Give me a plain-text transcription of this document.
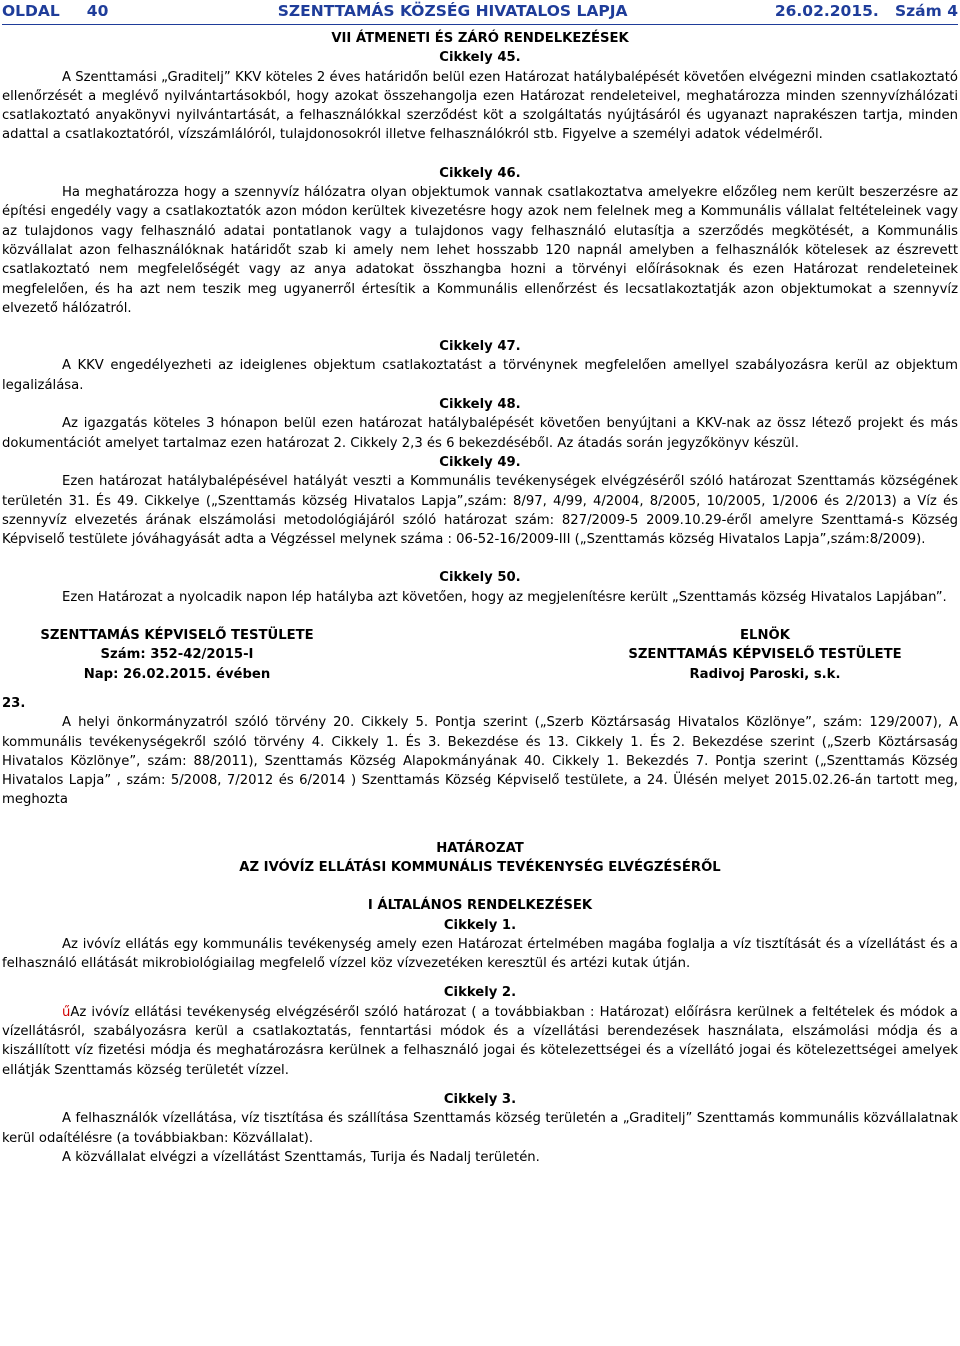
OLDAL 40	SZENTTAMÁS KÖZSÉG HIVATALOS LAPJA	26.02.2015. Szám 4
VII ÁTMENETI ÉS ZÁRÓ RENDELKEZÉSEK
Cikkely 45.

A Szenttamási „Graditelj” KKV köteles 2 éves határidőn belül ezen Határozat hatálybalépését követően elvégezni minden csatlakoztató ellenőrzését a meglévő nyilvántartásokból, hogy azokat összehangolja ezen Határozat rendeleteivel, meghatározza minden szennyvízhálózati csatlakoztató anyakönyvi nyilvántartását, a felhasználókkal szerződést köt a szolgáltatás nyújtásáról és ugyanazt naprakészen tartja, minden adattal a csatlakoztatóról, vízszámlálóról, tulajdonosokról illetve felhasználókról stb. Figyelve a személyi adatok védelméről.

Cikkely 46.

Ha meghatározza hogy a szennyvíz hálózatra olyan objektumok vannak csatlakoztatva amelyekre előzőleg nem került beszerzésre az építési engedély vagy a csatlakoztatók azon módon kerültek kivezetésre hogy azok nem felelnek meg a Kommunális vállalat feltételeinek vagy az tulajdonos vagy felhasználó adatai pontatlanok vagy a tulajdonos vagy felhasználó elutasítja a szerződés megkötését, a Kommunális közvállalat azon felhasználóknak határidőt szab ki amely nem lehet hosszabb 120 napnál amelyben a felhasználók kötelesek az észrevett csatlakoztató nem megfelelőségét vagy az anya adatokat összhangba hozni a törvényi előírásoknak és ezen Határozat rendeleteinek megfelelően, és ha azt nem teszik meg ugyanerről értesítik a Kommunális ellenőrzést és lecsatlakoztatják azon objektumokat a szennyvíz elvezető hálózatról.

Cikkely 47.

A KKV engedélyezheti az ideiglenes objektum csatlakoztatást a törvénynek megfelelően amellyel szabályozásra kerül az objektum legalizálása.

Cikkely 48.

Az igazgatás köteles 3 hónapon belül ezen határozat hatálybalépését követően benyújtani a KKV-nak az össz létező projekt és más dokumentációt amelyet tartalmaz ezen határozat 2. Cikkely 2,3 és 6 bekezdéséből. Az átadás során jegyzőkönyv készül.

Cikkely 49.

Ezen határozat hatálybalépésével hatályát veszti a Kommunális tevékenységek elvégzéséről szóló határozat Szenttamás községének területén 31. És 49. Cikkelye („Szenttamás község Hivatalos Lapja”,szám: 8/97, 4/99, 4/2004, 8/2005, 10/2005, 1/2006 és 2/2013) a Víz és szennyvíz elvezetés árának elszámolási metodológiájáról szóló határozat szám: 827/2009-5 2009.10.29-éről amelyre Szenttamá-s Község Képviselő testülete jóváhagyását adta a Végzéssel melynek száma : 06-52-16/2009-III („Szenttamás község Hivatalos Lapja”,szám:8/2009).

Cikkely 50.

Ezen Határozat a nyolcadik napon lép hatályba azt követően, hogy az megjelenítésre került „Szenttamás község Hivatalos Lapjában”.

SZENTTAMÁS KÉPVISELŐ TESTÜLETE
Szám: 352-42/2015-I
Nap: 26.02.2015. évében
ELNÖK
SZENTTAMÁS KÉPVISELŐ TESTÜLETE
Radivoj Paroski, s.k.
23.

A helyi önkormányzatról szóló törvény 20. Cikkely 5. Pontja szerint („Szerb Köztársaság Hivatalos Közlönye”, szám: 129/2007), A kommunális tevékenységekről szóló törvény 4. Cikkely 1. És 3. Bekezdése és 13. Cikkely 1. És 2. Bekezdése szerint („Szerb Köztársaság Hivatalos Közlönye”, szám: 88/2011), Szenttamás Község Alapokmányának 40. Cikkely 1. Bekezdés 7. Pontja szerint („Szenttamás Község Hivatalos Lapja” , szám: 5/2008, 7/2012 és 6/2014 ) Szenttamás Község Képviselő testülete, a 24. Ülésén melyet 2015.02.26-án tartott meg, meghozta

HATÁROZAT
AZ IVÓVÍZ ELLÁTÁSI KOMMUNÁLIS TEVÉKENYSÉG ELVÉGZÉSÉRŐL
I ÁLTALÁNOS RENDELKEZÉSEK
Cikkely 1.

Az ivóvíz ellátás egy kommunális tevékenység amely ezen Határozat értelmében magába foglalja a víz tisztítását és a vízellátást és a felhasználó ellátását mikrobiológiailag megfelelő vízzel köz vízvezetéken keresztül és artézi kutak útján.

Cikkely 2.

űAz ivóvíz ellátási tevékenység elvégzéséről szóló határozat ( a továbbiakban : Határozat) előírásra kerülnek a feltételek és módok a vízellátásról, szabályozásra kerül a csatlakoztatás, fenntartási módok és a vízellátási berendezések használata, elszámolási módja és a kiszállított víz fizetési módja és meghatározásra kerülnek a felhasználó jogai és kötelezettségei és a vízellátó jogai és kötelezettségei amelyek ellátják Szenttamás község területét vízzel.

Cikkely 3.

A felhasználók vízellátása, víz tisztítása és szállítása Szenttamás község területén a „Graditelj” Szenttamás kommunális közvállalatnak kerül odaítélésre (a továbbiakban: Közvállalat).

A közvállalat elvégzi a vízellátást Szenttamás, Turija és Nadalj területén.
